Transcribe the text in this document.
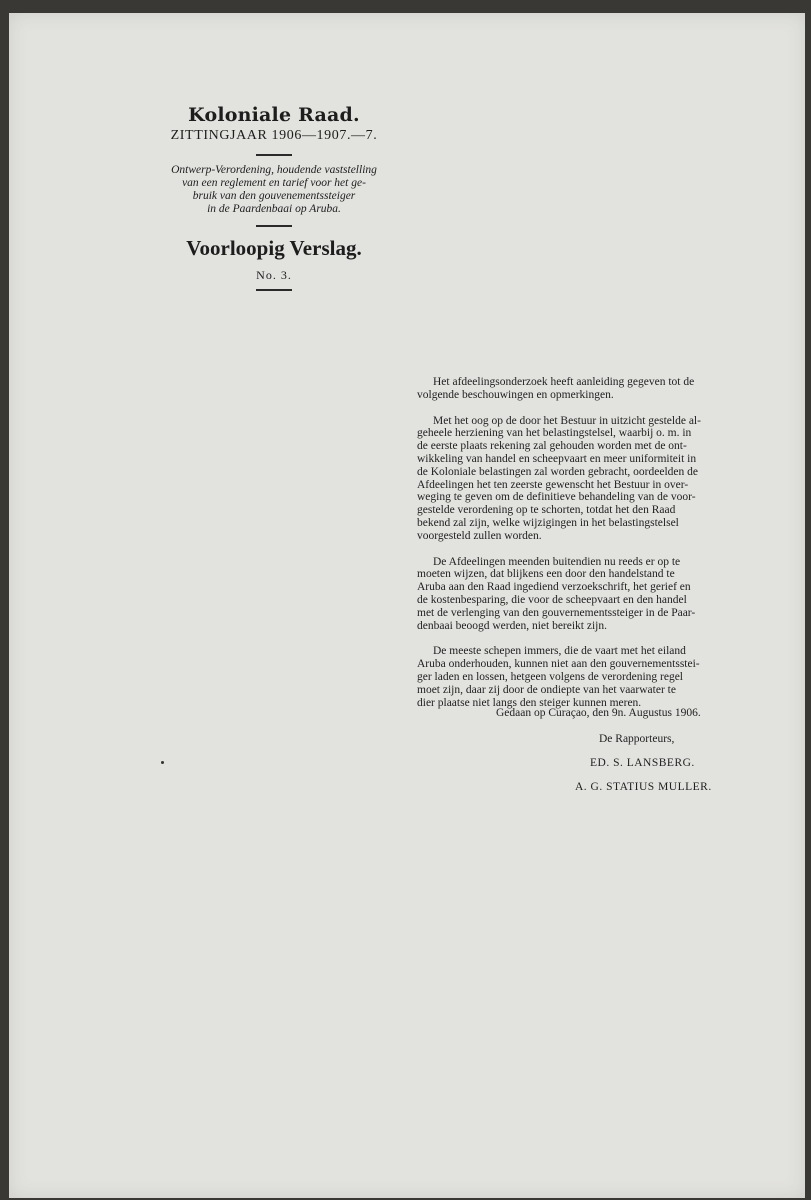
Koloniale Raad.

ZITTINGJAAR 1906—1907.—7.

Ontwerp-Verordening, houdende vaststelling
van een reglement en tarief voor het ge-
bruik van den gouvenementssteiger
in de Paardenbaai op Aruba.

Voorloopig Verslag.

No. 3.

Het afdeelingsonderzoek heeft aanleiding gegeven tot de
volgende beschouwingen en opmerkingen.

Met het oog op de door het Bestuur in uitzicht gestelde al-
geheele herziening van het belastingstelsel, waarbij o. m. in
de eerste plaats rekening zal gehouden worden met de ont-
wikkeling van handel en scheepvaart en meer uniformiteit in
de Koloniale belastingen zal worden gebracht, oordeelden de
Afdeelingen het ten zeerste gewenscht het Bestuur in over-
weging te geven om de definitieve behandeling van de voor-
gestelde verordening op te schorten, totdat het den Raad
bekend zal zijn, welke wijzigingen in het belastingstelsel
voorgesteld zullen worden.

De Afdeelingen meenden buitendien nu reeds er op te
moeten wijzen, dat blijkens een door den handelstand te
Aruba aan den Raad ingediend verzoekschrift, het gerief en
de kostenbesparing, die voor de scheepvaart en den handel
met de verlenging van den gouvernementssteiger in de Paar-
denbaai beoogd werden, niet bereikt zijn.

De meeste schepen immers, die de vaart met het eiland
Aruba onderhouden, kunnen niet aan den gouvernementsstei-
ger laden en lossen, hetgeen volgens de verordening regel
moet zijn, daar zij door de ondiepte van het vaarwater te
dier plaatse niet langs den steiger kunnen meren.

Gedaan op Curaçao, den 9n. Augustus 1906.

De Rapporteurs,

ED. S. LANSBERG.

A. G. STATIUS MULLER.
